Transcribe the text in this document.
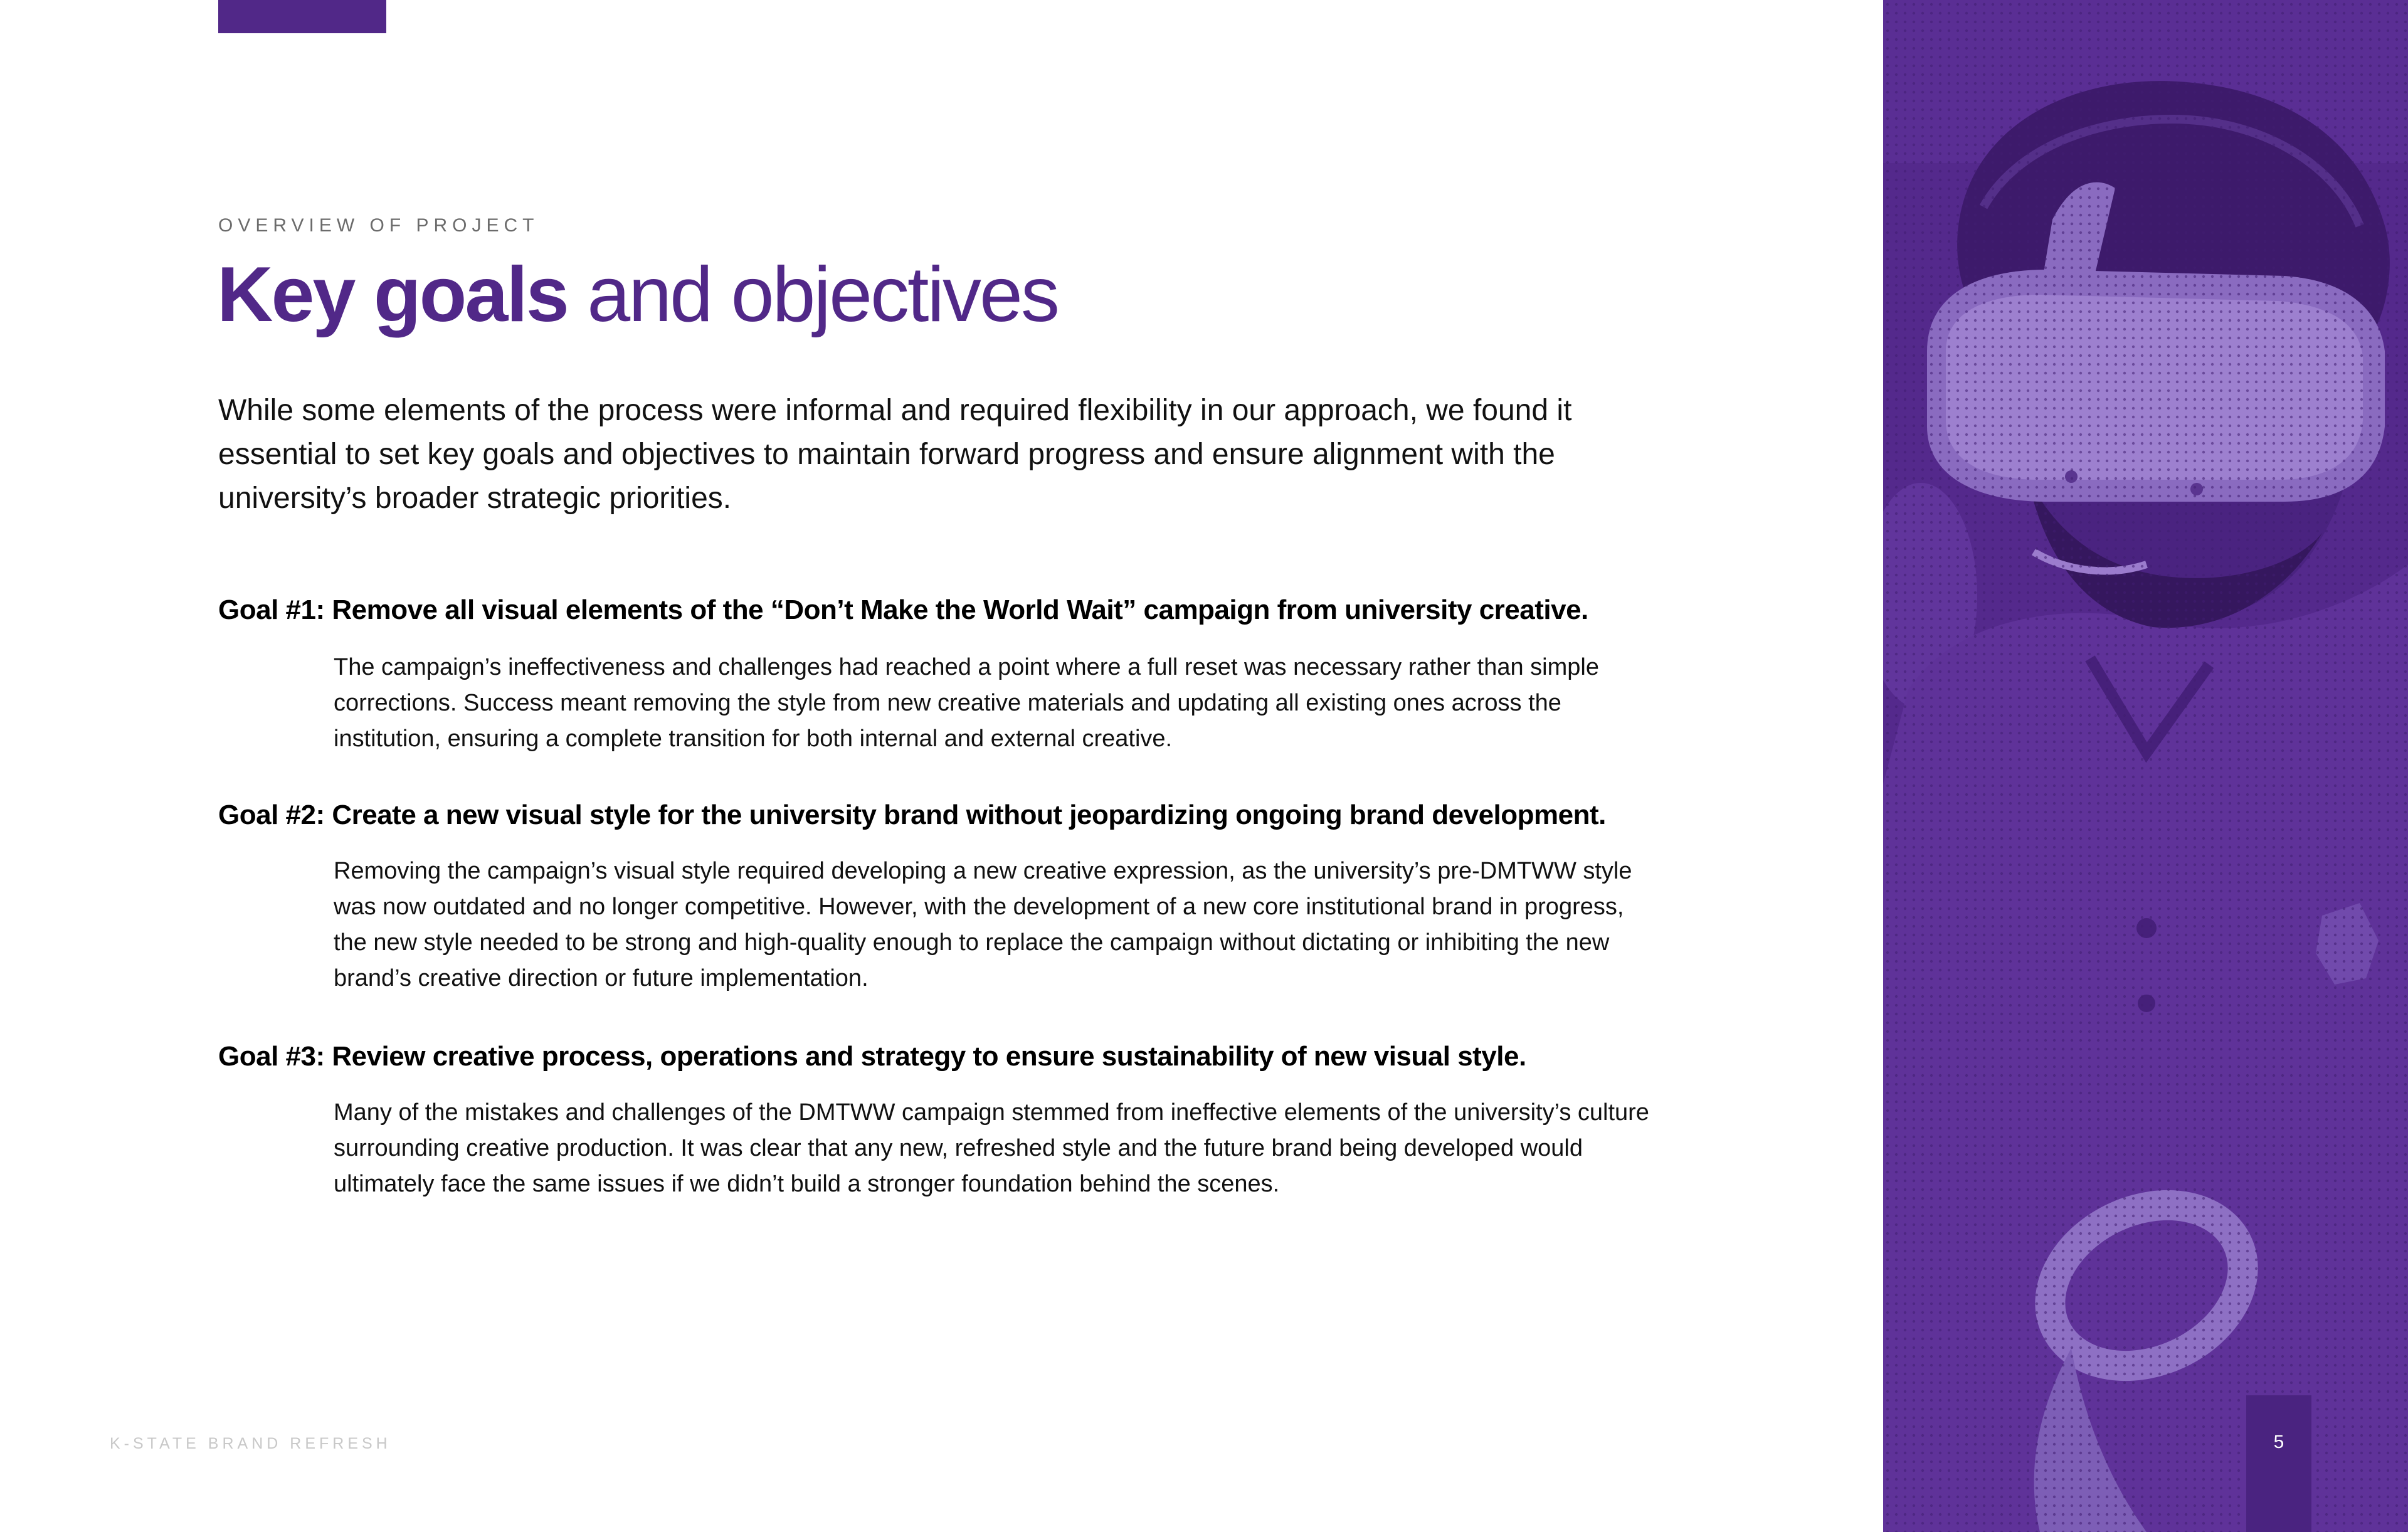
OVERVIEW OF PROJECT
Key goals and objectives

While some elements of the process were informal and required flexibility in our approach, we found it essential to set key goals and objectives to maintain forward progress and ensure alignment with the university’s broader strategic priorities.

Goal #1: Remove all visual elements of the “Don’t Make the World Wait” campaign from university creative.

The campaign’s ineffectiveness and challenges had reached a point where a full reset was necessary rather than simple corrections. Success meant removing the style from new creative materials and updating all existing ones across the institution, ensuring a complete transition for both internal and external creative.

Goal #2: Create a new visual style for the university brand without jeopardizing ongoing brand development.

Removing the campaign’s visual style required developing a new creative expression, as the university’s pre-DMTWW style was now outdated and no longer competitive. However, with the development of a new core institutional brand in progress, the new style needed to be strong and high-quality enough to replace the campaign without dictating or inhibiting the new brand’s creative direction or future implementation.

Goal #3: Review creative process, operations and strategy to ensure sustainability of new visual style.

Many of the mistakes and challenges of the DMTWW campaign stemmed from ineffective elements of the university’s culture surrounding creative production. It was clear that any new, refreshed style and the future brand being developed would ultimately face the same issues if we didn’t build a stronger foundation behind the scenes.

K-STATE BRAND REFRESH	5
